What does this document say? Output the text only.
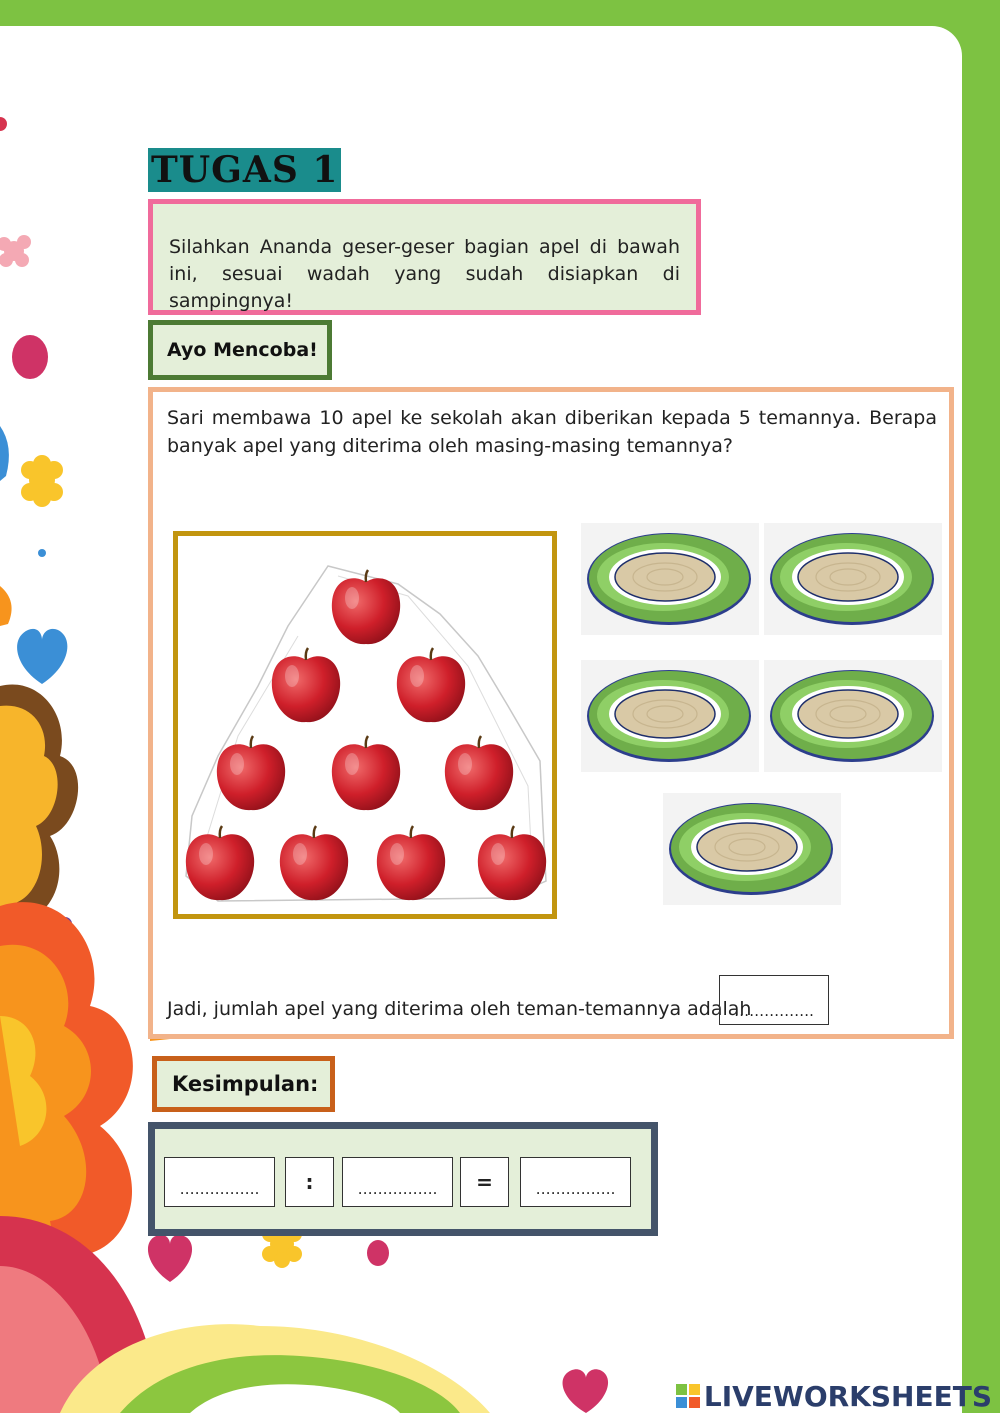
TUGAS 1
Silahkan Ananda geser-geser bagian apel di bawah ini, sesuai wadah yang sudah disiapkan di sampingnya!
Ayo Mencoba!
Sari membawa 10 apel ke sekolah akan diberikan kepada 5 temannya. Berapa banyak apel yang diterima oleh masing-masing temannya?
Jadi, jumlah apel yang diterima oleh teman-temannya adalah
…………….
Kesimpulan:
…………….	:	…………….	=	…………….
LIVEWORKSHEETS
